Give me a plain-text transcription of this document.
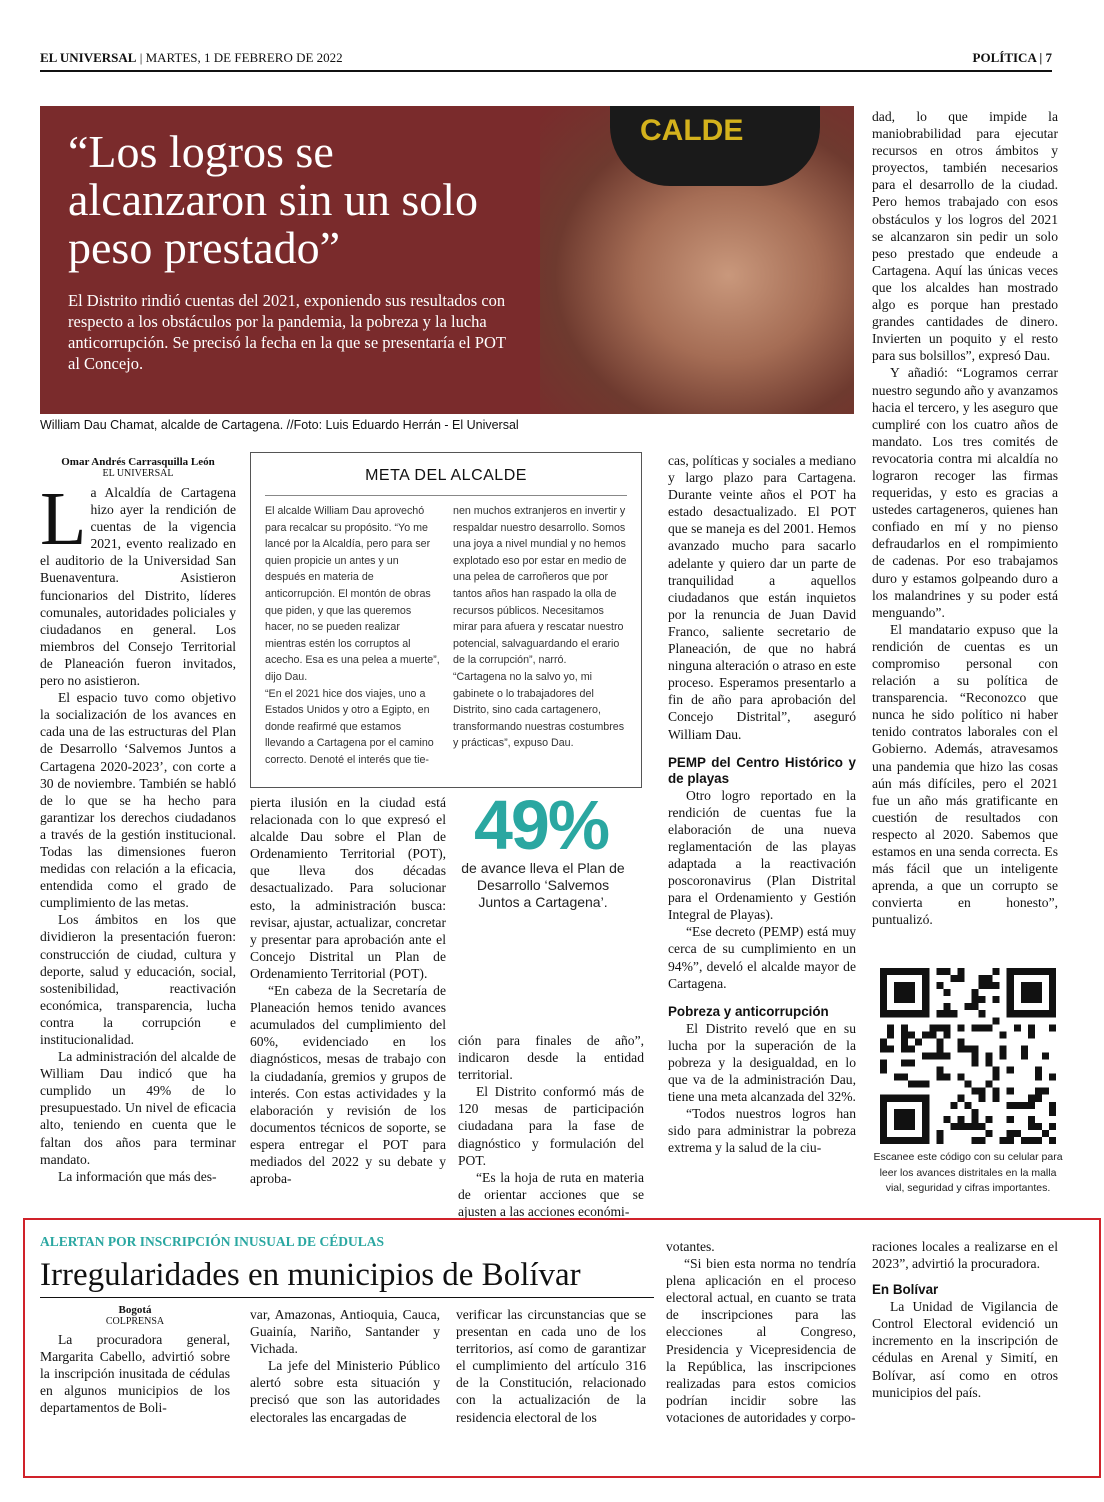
EL UNIVERSAL | MARTES, 1 DE FEBRERO DE 2022	POLÍTICA | 7
CALDE
“Los logros se alcanzaron sin un solo peso prestado”
El Distrito rindió cuentas del 2021, exponiendo sus resultados con respecto a los obstáculos por la pandemia, la pobreza y la lucha anticorrupción. Se precisó la fecha en la que se presentaría el POT al Concejo.
William Dau Chamat, alcalde de Cartagena. //Foto: Luis Eduardo Herrán - El Universal
Omar Andrés Carrasquilla León
EL UNIVERSAL
L a Alcaldía de Cartagena hizo ayer la rendición de cuentas de la vigencia 2021, evento realizado en el auditorio de la Universidad San Buenaventura. Asistieron funcionarios del Distrito, líderes comunales, autoridades policiales y ciudadanos en general. Los miembros del Consejo Territorial de Planeación fueron invitados, pero no asistieron.

El espacio tuvo como objetivo la socialización de los avances en cada una de las estructuras del Plan de Desarrollo ‘Salvemos Juntos a Cartagena 2020-2023’, con corte a 30 de noviembre. También se habló de lo que se ha hecho para garantizar los derechos ciudadanos a través de la gestión institucional. Todas las dimensiones fueron medidas con relación a la eficacia, entendida como el grado de cumplimiento de las metas.

Los ámbitos en los que dividieron la presentación fueron: construcción de ciudad, cultura y deporte, salud y educación, social, sostenibilidad, reactivación económica, transparencia, lucha contra la corrupción e institucionalidad.

La administración del alcalde de William Dau indicó que ha cumplido un 49% de lo presupuestado. Un nivel de eficacia alto, teniendo en cuenta que le faltan dos años para terminar mandato.

La información que más des-

META DEL ALCALDE
El alcalde William Dau aprovechó para recalcar su propósito. “Yo me lancé por la Alcaldía, pero para ser quien propicie un antes y un después en materia de anticorrupción. El montón de obras que piden, y que las queremos hacer, no se pueden realizar mientras estén los corruptos al acecho. Esa es una pelea a muerte”, dijo Dau.
“En el 2021 hice dos viajes, uno a Estados Unidos y otro a Egipto, en donde reafirmé que estamos llevando a Cartagena por el camino correcto. Denoté el interés que tie-
nen muchos extranjeros en invertir y respaldar nuestro desarrollo. Somos una joya a nivel mundial y no hemos explotado eso por estar en medio de una pelea de carroñeros que por tantos años han raspado la olla de recursos públicos. Necesitamos mirar para afuera y rescatar nuestro potencial, salvaguardando el erario de la corrupción”, narró.
“Cartagena no la salvo yo, mi gabinete o lo trabajadores del Distrito, sino cada cartagenero, transformando nuestras costumbres y prácticas”, expuso Dau.

pierta ilusión en la ciudad está relacionada con lo que expresó el alcalde Dau sobre el Plan de Ordenamiento Territorial (POT), que lleva dos décadas desactualizado. Para solucionar esto, la administración busca: revisar, ajustar, actualizar, concretar y presentar para aprobación ante el Concejo Distrital un Plan de Ordenamiento Territorial (POT).

“En cabeza de la Secretaría de Planeación hemos tenido avances acumulados del cumplimiento del 60%, evidenciado en los diagnósticos, mesas de trabajo con la ciudadanía, gremios y grupos de interés. Con estas actividades y la elaboración y revisión de los documentos técnicos de soporte, se espera entregar el POT para mediados del 2022 y su debate y aproba-

49%
de avance lleva el Plan de Desarrollo ‘Salvemos Juntos a Cartagena’.

ción para finales de año”, indicaron desde la entidad territorial.

El Distrito conformó más de 120 mesas de participación ciudadana para la fase de diagnóstico y formulación del POT.

“Es la hoja de ruta en materia de orientar acciones que se ajusten a las acciones económi-

cas, políticas y sociales a mediano y largo plazo para Cartagena. Durante veinte años el POT ha estado desactualizado. El POT que se maneja es del 2001. Hemos avanzado mucho para sacarlo adelante y quiero dar un parte de tranquilidad a aquellos ciudadanos que están inquietos por la renuncia de Juan David Franco, saliente secretario de Planeación, de que no habrá ninguna alteración o atraso en este proceso. Esperamos presentarlo a fin de año para aprobación del Concejo Distrital”, aseguró William Dau.

PEMP del Centro Histórico y de playas

Otro logro reportado en la rendición de cuentas fue la elaboración de una nueva reglamentación de las playas adaptada a la reactivación poscoronavirus (Plan Distrital para el Ordenamiento y Gestión Integral de Playas).

“Ese decreto (PEMP) está muy cerca de su cumplimiento en un 94%”, develó el alcalde mayor de Cartagena.

Pobreza y anticorrupción

El Distrito reveló que en su lucha por la superación de la pobreza y la desigualdad, en lo que va de la administración Dau, tiene una meta alcanzada del 32%.

“Todos nuestros logros han sido para administrar la pobreza extrema y la salud de la ciu-

dad, lo que impide la maniobrabilidad para ejecutar recursos en otros ámbitos y proyectos, también necesarios para el desarrollo de la ciudad. Pero hemos trabajado con esos obstáculos y los logros del 2021 se alcanzaron sin pedir un solo peso prestado que endeude a Cartagena. Aquí las únicas veces que los alcaldes han mostrado algo es porque han prestado grandes cantidades de dinero. Invierten un poquito y el resto para sus bolsillos”, expresó Dau.

Y añadió: “Logramos cerrar nuestro segundo año y avanzamos hacia el tercero, y les aseguro que cumpliré con los cuatro años de mandato. Los tres comités de revocatoria contra mi alcaldía no lograron recoger las firmas requeridas, y esto es gracias a ustedes cartageneros, quienes han confiado en mí y no pienso defraudarlos en el rompimiento de cadenas. Por eso trabajamos duro y estamos golpeando duro a los malandrines y su poder está menguando”.

El mandatario expuso que la rendición de cuentas es un compromiso personal con relación a su política de transparencia. “Reconozco que nunca he sido político ni haber tenido contratos laborales con el Gobierno. Además, atravesamos una pandemia que hizo las cosas aún más difíciles, pero el 2021 fue un año más gratificante en cuestión de resultados con respecto al 2020. Sabemos que estamos en una senda correcta. Es más fácil que un inteligente aprenda, a que un corrupto se convierta en honesto”, puntualizó.

Escanee este código con su celular para leer los avances distritales en la malla vial, seguridad y cifras importantes.
ALERTAN POR INSCRIPCIÓN INUSUAL DE CÉDULAS
Irregularidades en municipios de Bolívar
Bogotá
COLPRENSA

La procuradora general, Margarita Cabello, advirtió sobre la inscripción inusitada de cédulas en algunos municipios de los departamentos de Boli-

var, Amazonas, Antioquia, Cauca, Guainía, Nariño, Santander y Vichada.

La jefe del Ministerio Público alertó sobre esta situación y precisó que son las autoridades electorales las encargadas de

verificar las circunstancias que se presentan en cada uno de los territorios, así como de garantizar el cumplimiento del artículo 316 de la Constitución, relacionado con la actualización de la residencia electoral de los

votantes.

“Si bien esta norma no tendría plena aplicación en el proceso electoral actual, en cuanto se trata de inscripciones para las elecciones al Congreso, Presidencia y Vicepresidencia de la República, las inscripciones realizadas para estos comicios podrían incidir sobre las votaciones de autoridades y corpo-

raciones locales a realizarse en el 2023”, advirtió la procuradora.

En Bolívar

La Unidad de Vigilancia de Control Electoral evidenció un incremento en la inscripción de cédulas en Arenal y Simití, en Bolívar, así como en otros municipios del país.
